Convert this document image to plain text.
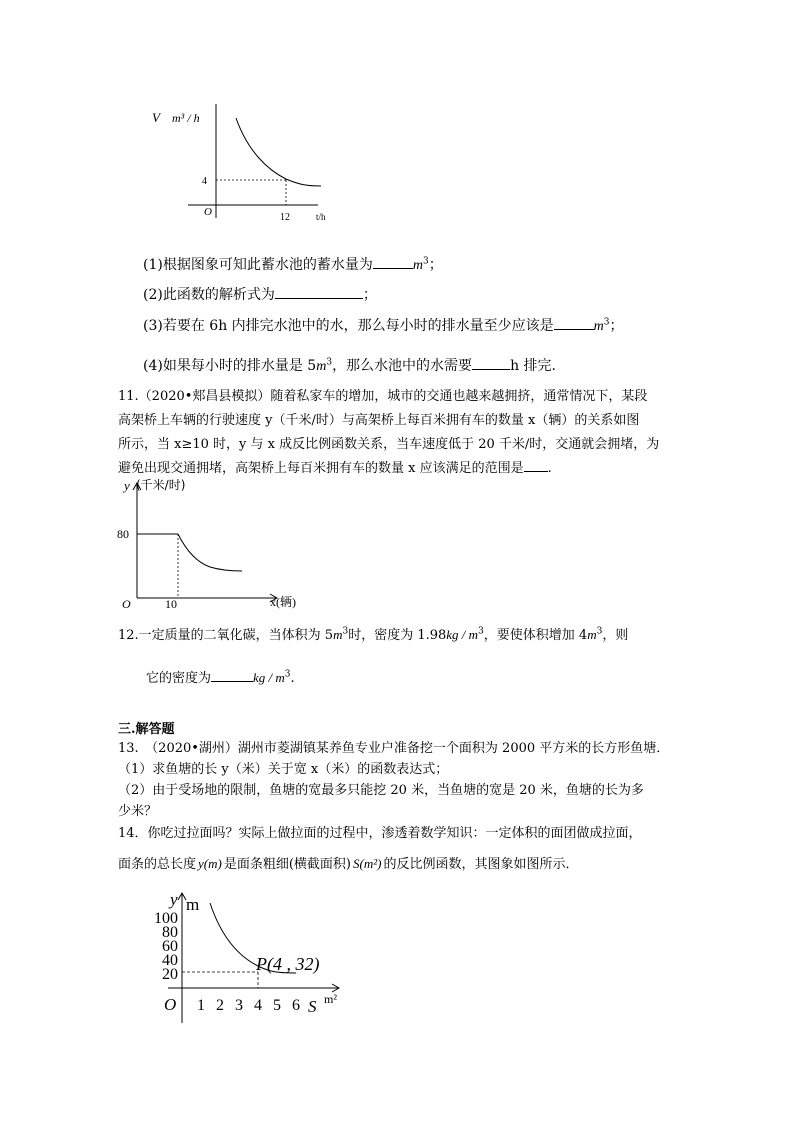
V m³ / h
4
O	12	t/h
(1)根据图象可知此蓄水池的蓄水量为	$m^3$；
(2)此函数的解析式为	；
(3)若要在 6h 内排完水池中的水，那么每小时的排水量至少应该是	$m^3$；
(4)如果每小时的排水量是 $5m^3$，那么水池中的水需要	h 排完.
11.（2020•郏昌县模拟）随着私家车的增加，城市的交通也越来越拥挤，通常情况下，某段
高架桥上车辆的行驶速度 y（千米/时）与高架桥上每百米拥有车的数量 x（辆）的关系如图
所示，当 x≥10 时，y 与 x 成反比例函数关系，当车速度低于 20 千米/时，交通就会拥堵，为
避免出现交通拥堵，高架桥上每百米拥有车的数量 x 应该满足的范围是 .
y (千米/时)
80
O	10	x(辆)
12.一定质量的二氧化碳，当体积为 $5m^3$时，密度为 $1.98kg / m^3$，要使体积增加 $4m^3$，则
它的密度为	kg / $m^3$.
三.解答题
13.　（2020•湖州）湖州市菱湖镇某养鱼专业户准备挖一个面积为 2000 平方米的长方形鱼塘．
（1）求鱼塘的长 y（米）关于宽 x（米）的函数表达式；
（2）由于受场地的限制，鱼塘的宽最多只能挖 20 米，当鱼塘的宽是 20 米，鱼塘的长为多
少米？
14．你吃过拉面吗？实际上做拉面的过程中，渗透着数学知识：一定体积的面团做成拉面，
面条的总长度 y(m) 是面条粗细(横截面积) S(m²) 的反比例函数，其图象如图所示．
y m
100
80
60
40
20
1 2 3 4 5 6
O
P(4 , 32)
S m²
